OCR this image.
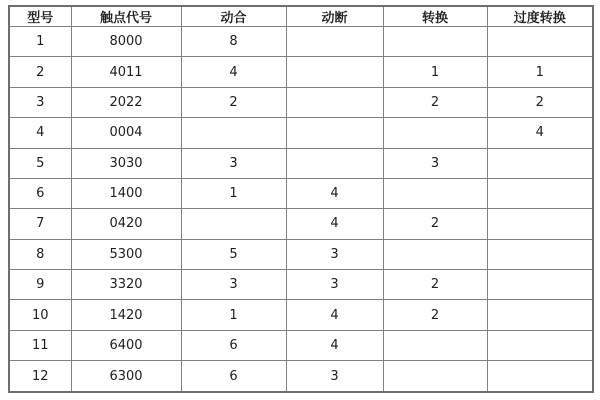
型号	触点代号	动合	动断	转换	过度转换
1	8000	8			
2	4011	4		1	1
3	2022	2		2	2
4	0004				4
5	3030	3		3	
6	1400	1	4		
7	0420		4	2	
8	5300	5	3		
9	3320	3	3	2	
10	1420	1	4	2	
11	6400	6	4		
12	6300	6	3		
